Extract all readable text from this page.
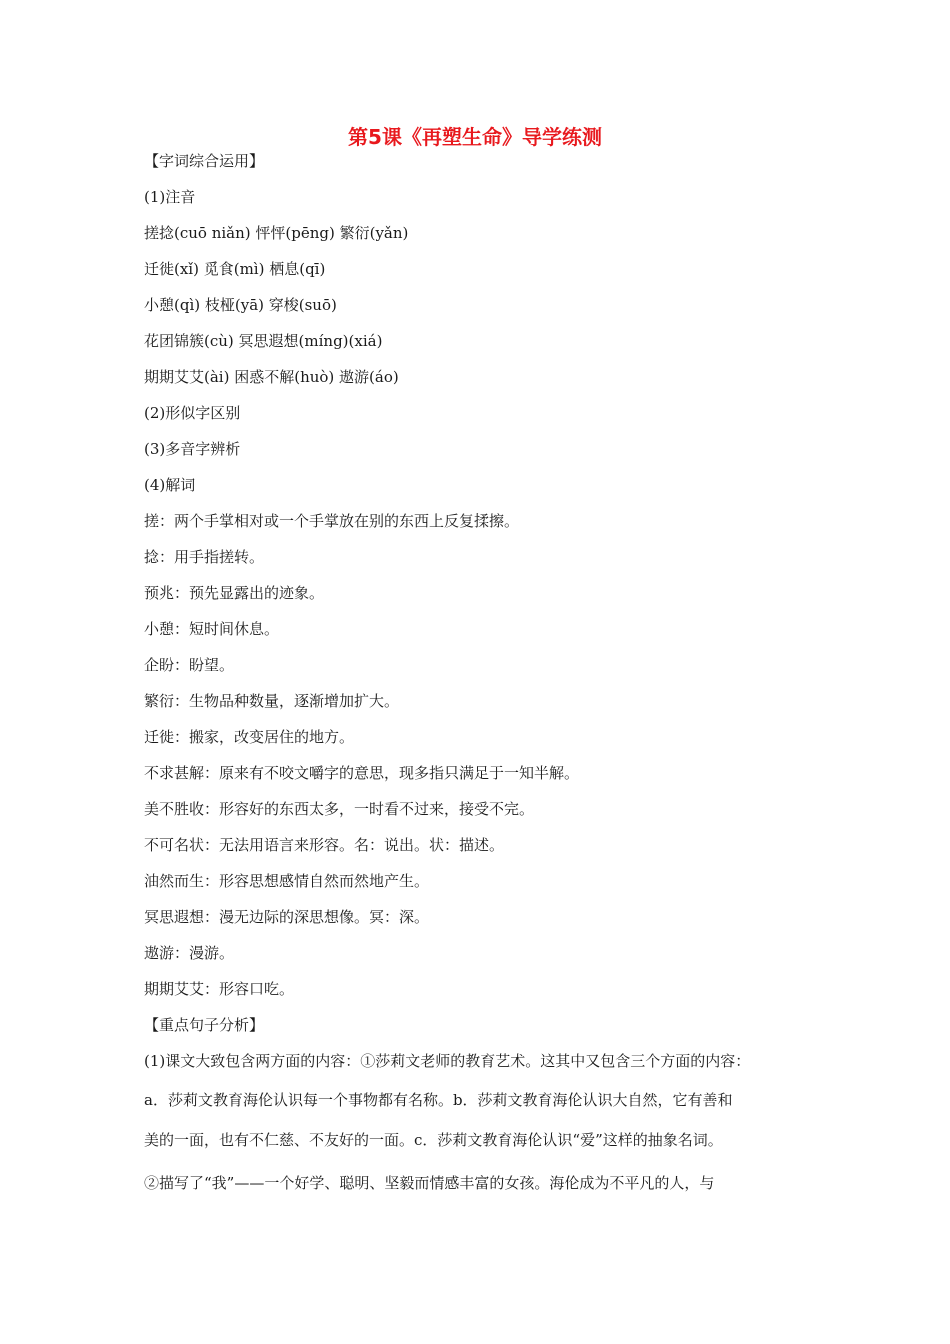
第5课《再塑生命》导学练测
【字词综合运用】
(1)注音
搓捻(cuō niǎn) 怦怦(pēng) 繁衍(yǎn)
迁徙(xǐ) 觅食(mì) 栖息(qī)
小憩(qì) 枝桠(yā) 穿梭(suō)
花团锦簇(cù) 冥思遐想(míng)(xiá)
期期艾艾(ài) 困惑不解(huò) 遨游(áo)
(2)形似字区别
(3)多音字辨析
(4)解词
搓：两个手掌相对或一个手掌放在别的东西上反复揉擦。
捻：用手指搓转。
预兆：预先显露出的迹象。
小憩：短时间休息。
企盼：盼望。
繁衍：生物品种数量，逐渐增加扩大。
迁徙：搬家，改变居住的地方。
不求甚解：原来有不咬文嚼字的意思，现多指只满足于一知半解。
美不胜收：形容好的东西太多，一时看不过来，接受不完。
不可名状：无法用语言来形容。名：说出。状：描述。
油然而生：形容思想感情自然而然地产生。
冥思遐想：漫无边际的深思想像。冥：深。
遨游：漫游。
期期艾艾：形容口吃。
【重点句子分析】
(1)课文大致包含两方面的内容：①莎莉文老师的教育艺术。这其中又包含三个方面的内容：
a．莎莉文教育海伦认识每一个事物都有名称。b．莎莉文教育海伦认识大自然，它有善和
美的一面，也有不仁慈、不友好的一面。c．莎莉文教育海伦认识“爱”这样的抽象名词。
②描写了“我”——一个好学、聪明、坚毅而情感丰富的女孩。海伦成为不平凡的人，与
